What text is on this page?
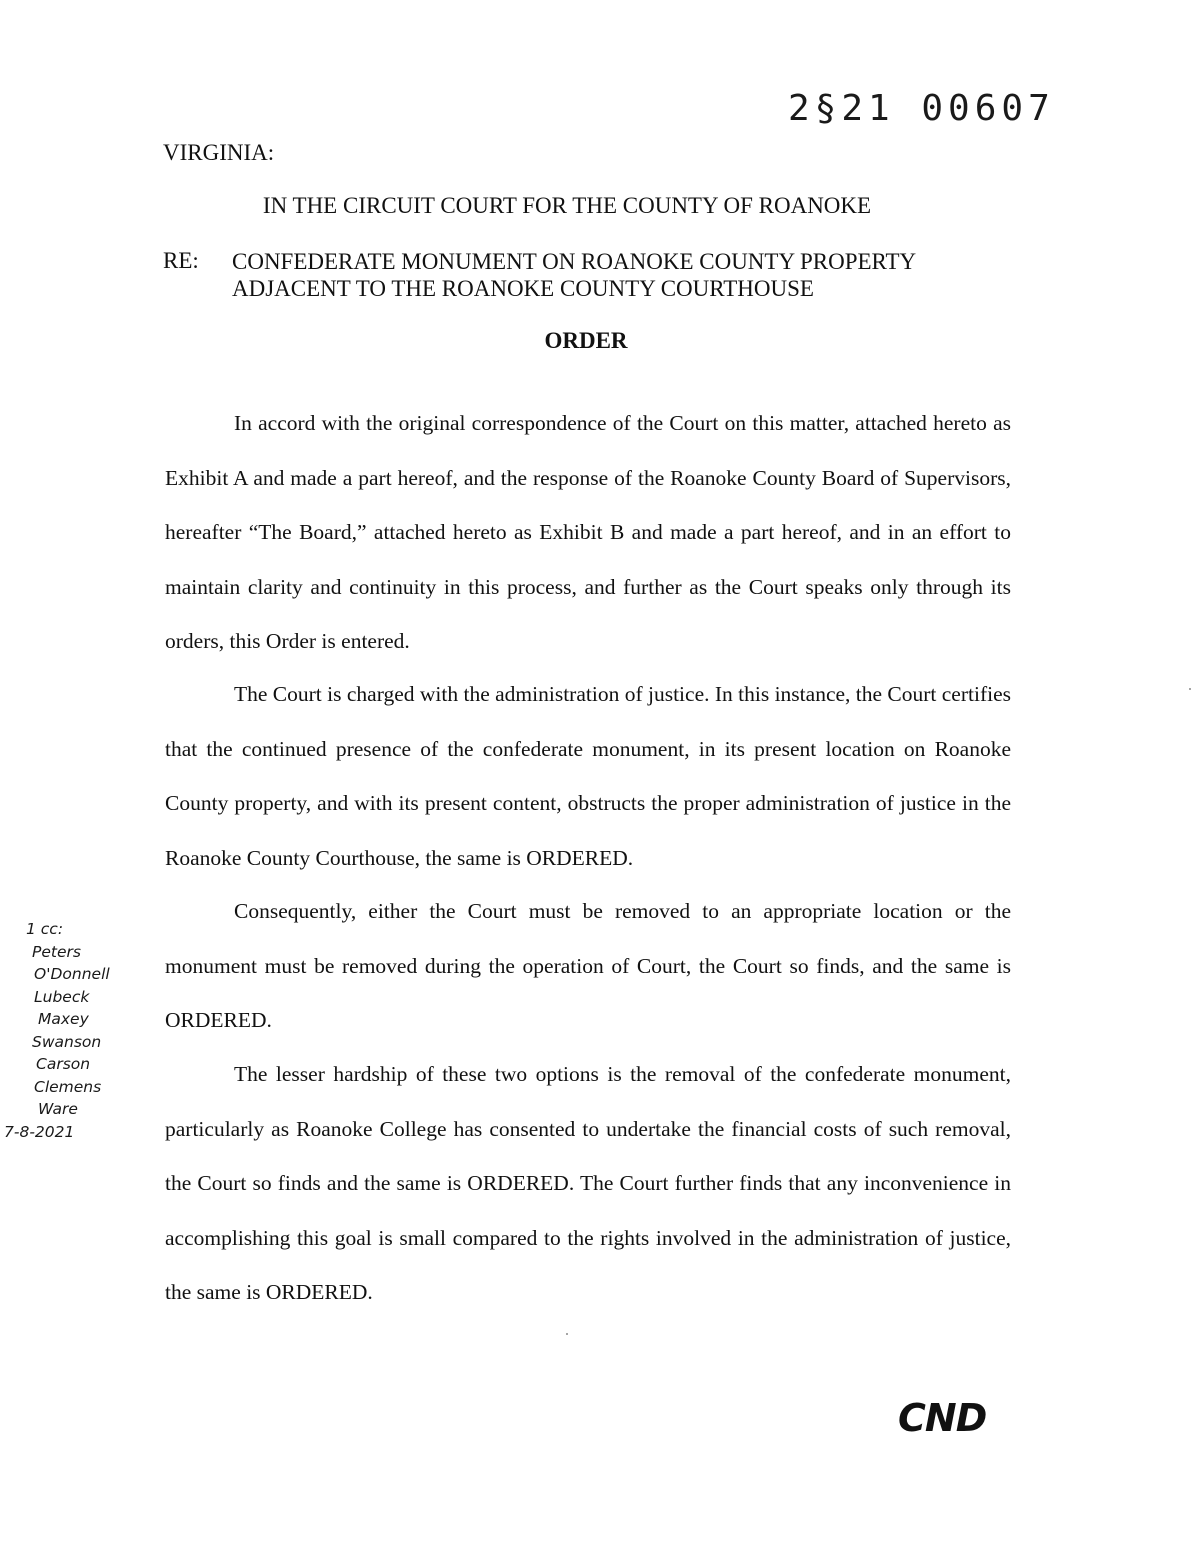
2§21 00607
VIRGINIA:
IN THE CIRCUIT COURT FOR THE COUNTY OF ROANOKE
RE: CONFEDERATE MONUMENT ON ROANOKE COUNTY PROPERTY
ADJACENT TO THE ROANOKE COUNTY COURTHOUSE
ORDER

In accord with the original correspondence of the Court on this matter, attached hereto as Exhibit A and made a part hereof, and the response of the Roanoke County Board of Supervisors, hereafter “The Board,” attached hereto as Exhibit B and made a part hereof, and in an effort to maintain clarity and continuity in this process, and further as the Court speaks only through its orders, this Order is entered.

The Court is charged with the administration of justice. In this instance, the Court certifies that the continued presence of the confederate monument, in its present location on Roanoke County property, and with its present content, obstructs the proper administration of justice in the Roanoke County Courthouse, the same is ORDERED.

Consequently, either the Court must be removed to an appropriate location or the monument must be removed during the operation of Court, the Court so finds, and the same is ORDERED.

The lesser hardship of these two options is the removal of the confederate monument, particularly as Roanoke College has consented to undertake the financial costs of such removal, the Court so finds and the same is ORDERED. The Court further finds that any inconvenience in accomplishing this goal is small compared to the rights involved in the administration of justice, the same is ORDERED.

1 cc:
Peters
O'Donnell
Lubeck
Maxey
Swanson
Carson
Clemens
Ware
7-8-2021
CND
